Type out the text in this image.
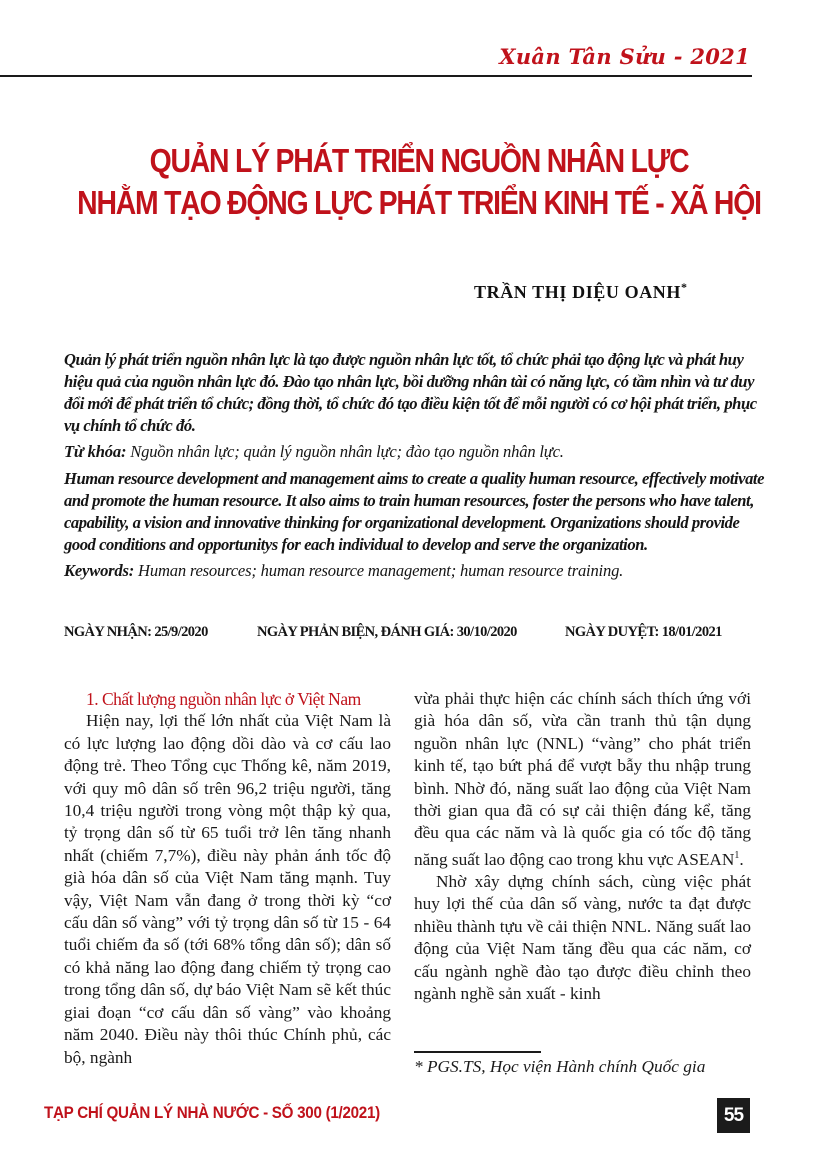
Xuân Tân Sửu - 2021
QUẢN LÝ PHÁT TRIỂN NGUỒN NHÂN LỰC
NHẰM TẠO ĐỘNG LỰC PHÁT TRIỂN KINH TẾ - XÃ HỘI
TRẦN THỊ DIỆU OANH*

Quản lý phát triển nguồn nhân lực là tạo được nguồn nhân lực tốt, tổ chức phải tạo động lực và phát huy hiệu quả của nguồn nhân lực đó. Đào tạo nhân lực, bồi dưỡng nhân tài có năng lực, có tầm nhìn và tư duy đổi mới để phát triển tổ chức; đồng thời, tổ chức đó tạo điều kiện tốt để mỗi người có cơ hội phát triển, phục vụ chính tổ chức đó.

Từ khóa: Nguồn nhân lực; quản lý nguồn nhân lực; đào tạo nguồn nhân lực.

Human resource development and management aims to create a quality human resource, effectively motivate and promote the human resource. It also aims to train human resources, foster the persons who have talent, capability, a vision and innovative thinking for organizational development. Organizations should provide good conditions and opportunitys for each individual to develop and serve the organization.

Keywords: Human resources; human resource management; human resource training.

NGÀY NHẬN: 25/9/2020	NGÀY PHẢN BIỆN, ĐÁNH GIÁ: 30/10/2020	NGÀY DUYỆT: 18/01/2021

1. Chất lượng nguồn nhân lực ở Việt Nam

Hiện nay, lợi thế lớn nhất của Việt Nam là có lực lượng lao động dồi dào và cơ cấu lao động trẻ. Theo Tổng cục Thống kê, năm 2019, với quy mô dân số trên 96,2 triệu người, tăng 10,4 triệu người trong vòng một thập kỷ qua, tỷ trọng dân số từ 65 tuổi trở lên tăng nhanh nhất (chiếm 7,7%), điều này phản ánh tốc độ già hóa dân số của Việt Nam tăng mạnh. Tuy vậy, Việt Nam vẫn đang ở trong thời kỳ “cơ cấu dân số vàng” với tỷ trọng dân số từ 15 - 64 tuổi chiếm đa số (tới 68% tổng dân số); dân số có khả năng lao động đang chiếm tỷ trọng cao trong tổng dân số, dự báo Việt Nam sẽ kết thúc giai đoạn “cơ cấu dân số vàng” vào khoảng năm 2040. Điều này thôi thúc Chính phủ, các bộ, ngành

vừa phải thực hiện các chính sách thích ứng với già hóa dân số, vừa cần tranh thủ tận dụng nguồn nhân lực (NNL) “vàng” cho phát triển kinh tế, tạo bứt phá để vượt bẫy thu nhập trung bình. Nhờ đó, năng suất lao động của Việt Nam thời gian qua đã có sự cải thiện đáng kể, tăng đều qua các năm và là quốc gia có tốc độ tăng năng suất lao động cao trong khu vực ASEAN$^1$.

Nhờ xây dựng chính sách, cùng việc phát huy lợi thế của dân số vàng, nước ta đạt được nhiều thành tựu về cải thiện NNL. Năng suất lao động của Việt Nam tăng đều qua các năm, cơ cấu ngành nghề đào tạo được điều chỉnh theo ngành nghề sản xuất - kinh

* PGS.TS, Học viện Hành chính Quốc gia
TẠP CHÍ QUẢN LÝ NHÀ NƯỚC - SỐ 300 (1/2021)	55
